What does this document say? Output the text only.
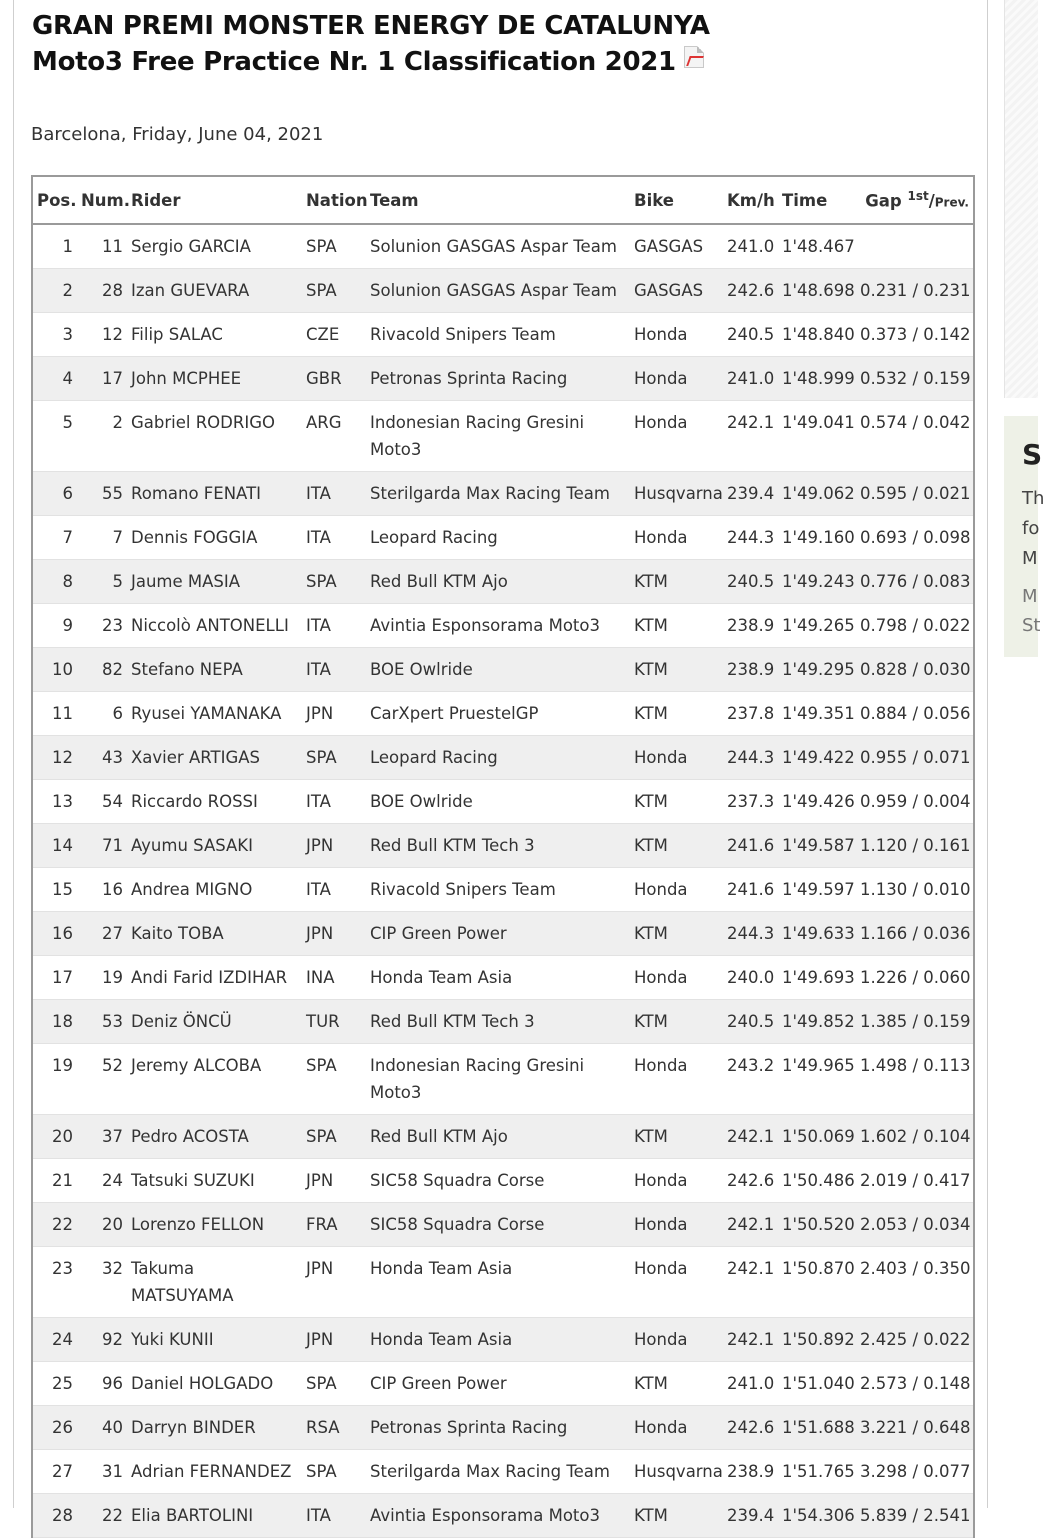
GRAN PREMI MONSTER ENERGY DE CATALUNYA
Moto3 Free Practice Nr. 1 Classification 2021
Barcelona, Friday, June 04, 2021
Pos.	Num.	Rider	Nation	Team	Bike	Km/h	Time	Gap $^{1st}$/Prev.
1	11	Sergio GARCIA	SPA	Solunion GASGAS Aspar Team	GASGAS	241.0	1'48.467	
2	28	Izan GUEVARA	SPA	Solunion GASGAS Aspar Team	GASGAS	242.6	1'48.698	0.231 / 0.231
3	12	Filip SALAC	CZE	Rivacold Snipers Team	Honda	240.5	1'48.840	0.373 / 0.142
4	17	John MCPHEE	GBR	Petronas Sprinta Racing	Honda	241.0	1'48.999	0.532 / 0.159
5	2	Gabriel RODRIGO	ARG	Indonesian Racing Gresini Moto3	Honda	242.1	1'49.041	0.574 / 0.042
6	55	Romano FENATI	ITA	Sterilgarda Max Racing Team	Husqvarna	239.4	1'49.062	0.595 / 0.021
7	7	Dennis FOGGIA	ITA	Leopard Racing	Honda	244.3	1'49.160	0.693 / 0.098
8	5	Jaume MASIA	SPA	Red Bull KTM Ajo	KTM	240.5	1'49.243	0.776 / 0.083
9	23	Niccolò ANTONELLI	ITA	Avintia Esponsorama Moto3	KTM	238.9	1'49.265	0.798 / 0.022
10	82	Stefano NEPA	ITA	BOE Owlride	KTM	238.9	1'49.295	0.828 / 0.030
11	6	Ryusei YAMANAKA	JPN	CarXpert PruestelGP	KTM	237.8	1'49.351	0.884 / 0.056
12	43	Xavier ARTIGAS	SPA	Leopard Racing	Honda	244.3	1'49.422	0.955 / 0.071
13	54	Riccardo ROSSI	ITA	BOE Owlride	KTM	237.3	1'49.426	0.959 / 0.004
14	71	Ayumu SASAKI	JPN	Red Bull KTM Tech 3	KTM	241.6	1'49.587	1.120 / 0.161
15	16	Andrea MIGNO	ITA	Rivacold Snipers Team	Honda	241.6	1'49.597	1.130 / 0.010
16	27	Kaito TOBA	JPN	CIP Green Power	KTM	244.3	1'49.633	1.166 / 0.036
17	19	Andi Farid IZDIHAR	INA	Honda Team Asia	Honda	240.0	1'49.693	1.226 / 0.060
18	53	Deniz ÖNCÜ	TUR	Red Bull KTM Tech 3	KTM	240.5	1'49.852	1.385 / 0.159
19	52	Jeremy ALCOBA	SPA	Indonesian Racing Gresini Moto3	Honda	243.2	1'49.965	1.498 / 0.113
20	37	Pedro ACOSTA	SPA	Red Bull KTM Ajo	KTM	242.1	1'50.069	1.602 / 0.104
21	24	Tatsuki SUZUKI	JPN	SIC58 Squadra Corse	Honda	242.6	1'50.486	2.019 / 0.417
22	20	Lorenzo FELLON	FRA	SIC58 Squadra Corse	Honda	242.1	1'50.520	2.053 / 0.034
23	32	Takuma MATSUYAMA	JPN	Honda Team Asia	Honda	242.1	1'50.870	2.403 / 0.350
24	92	Yuki KUNII	JPN	Honda Team Asia	Honda	242.1	1'50.892	2.425 / 0.022
25	96	Daniel HOLGADO	SPA	CIP Green Power	KTM	241.0	1'51.040	2.573 / 0.148
26	40	Darryn BINDER	RSA	Petronas Sprinta Racing	Honda	242.6	1'51.688	3.221 / 0.648
27	31	Adrian FERNANDEZ	SPA	Sterilgarda Max Racing Team	Husqvarna	238.9	1'51.765	3.298 / 0.077
28	22	Elia BARTOLINI	ITA	Avintia Esponsorama Moto3	KTM	239.4	1'54.306	5.839 / 2.541
S
Th
fo
M
M
St
